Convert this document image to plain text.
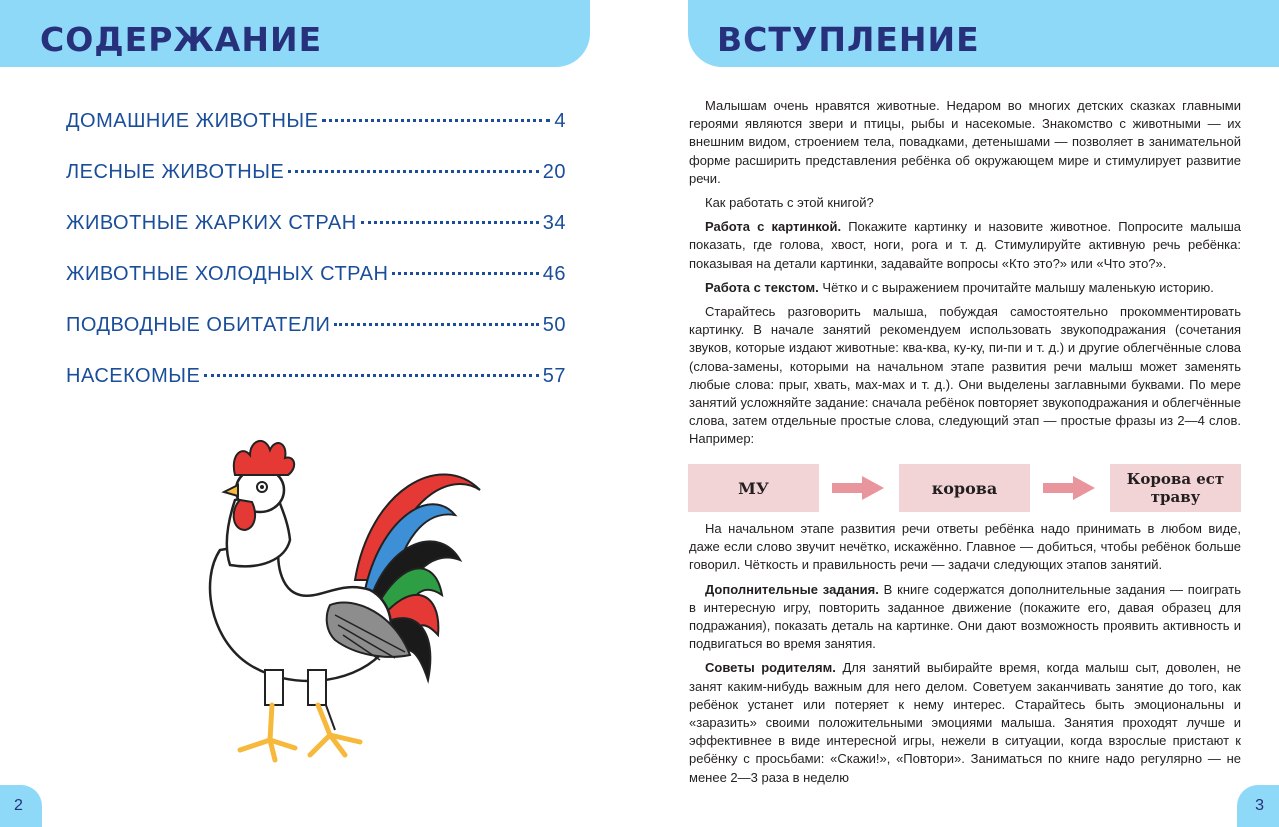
СОДЕРЖАНИЕ
ДОМАШНИЕ ЖИВОТНЫЕ	4
ЛЕСНЫЕ ЖИВОТНЫЕ	20
ЖИВОТНЫЕ ЖАРКИХ СТРАН	34
ЖИВОТНЫЕ ХОЛОДНЫХ СТРАН	46
ПОДВОДНЫЕ ОБИТАТЕЛИ	50
НАСЕКОМЫЕ	57
2
ВСТУПЛЕНИЕ

Малышам очень нравятся животные. Недаром во многих детских сказках главными героями являются звери и птицы, рыбы и насекомые. Знакомство с животными — их внешним видом, строением тела, повадками, детенышами — позволяет в занимательной форме расширить представления ребёнка об окружающем мире и стимулирует развитие речи.

Как работать с этой книгой?

Работа с картинкой. Покажите картинку и назовите животное. Попросите малыша показать, где голова, хвост, ноги, рога и т. д. Стимулируйте активную речь ребёнка: показывая на детали картинки, задавайте вопросы «Кто это?» или «Что это?».

Работа с текстом. Чётко и с выражением прочитайте малышу маленькую историю.

Старайтесь разговорить малыша, побуждая самостоятельно прокомментировать картинку. В начале занятий рекомендуем использовать звукоподражания (сочетания звуков, которые издают животные: ква-ква, ку-ку, пи-пи и т. д.) и другие облегчённые слова (слова-замены, которыми на начальном этапе развития речи малыш может заменять любые слова: прыг, хвать, мах-мах и т. д.). Они выделены заглавными буквами. По мере занятий усложняйте задание: сначала ребёнок повторяет звукоподражания и облегчённые слова, затем отдельные простые слова, следующий этап — простые фразы из 2—4 слов. Например:

МУ	корова	Корова ест траву

На начальном этапе развития речи ответы ребёнка надо принимать в любом виде, даже если слово звучит нечётко, искажённо. Главное — добиться, чтобы ребёнок больше говорил. Чёткость и правильность речи — задачи следующих этапов занятий.

Дополнительные задания. В книге содержатся дополнительные задания — поиграть в интересную игру, повторить заданное движение (покажите его, давая образец для подражания), показать деталь на картинке. Они дают возможность проявить активность и подвигаться во время занятия.

Советы родителям. Для занятий выбирайте время, когда малыш сыт, доволен, не занят каким-нибудь важным для него делом. Советуем заканчивать занятие до того, как ребёнок устанет или потеряет к нему интерес. Старайтесь быть эмоциональны и «заразить» своими положительными эмоциями малыша. Занятия проходят лучше и эффективнее в виде интересной игры, нежели в ситуации, когда взрослые пристают к ребёнку с просьбами: «Скажи!», «Повтори». Заниматься по книге надо регулярно — не менее 2—3 раза в неделю

3
